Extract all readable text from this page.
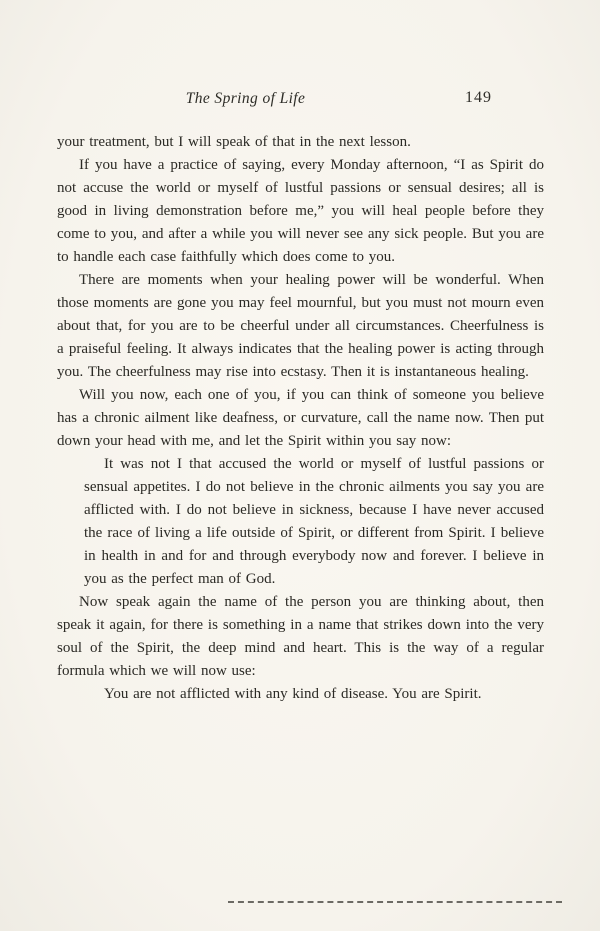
The Spring of Life	149

your treatment, but I will speak of that in the next lesson.

If you have a practice of saying, every Monday afternoon, “I as Spirit do not accuse the world or myself of lustful passions or sensual desires; all is good in living demonstration before me,” you will heal people before they come to you, and after a while you will never see any sick people. But you are to handle each case faithfully which does come to you.

There are moments when your healing power will be wonderful. When those moments are gone you may feel mournful, but you must not mourn even about that, for you are to be cheerful under all circumstances. Cheerfulness is a praiseful feeling. It always indicates that the healing power is acting through you. The cheerfulness may rise into ecstasy. Then it is instantaneous healing.

Will you now, each one of you, if you can think of someone you believe has a chronic ailment like deafness, or curvature, call the name now. Then put down your head with me, and let the Spirit within you say now:

It was not I that accused the world or myself of lustful passions or sensual appetites. I do not believe in the chronic ailments you say you are afflicted with. I do not believe in sickness, because I have never accused the race of living a life outside of Spirit, or different from Spirit. I believe in health in and for and through everybody now and forever. I believe in you as the perfect man of God.

Now speak again the name of the person you are thinking about, then speak it again, for there is something in a name that strikes down into the very soul of the Spirit, the deep mind and heart. This is the way of a regular formula which we will now use:

You are not afflicted with any kind of disease. You are Spirit.
